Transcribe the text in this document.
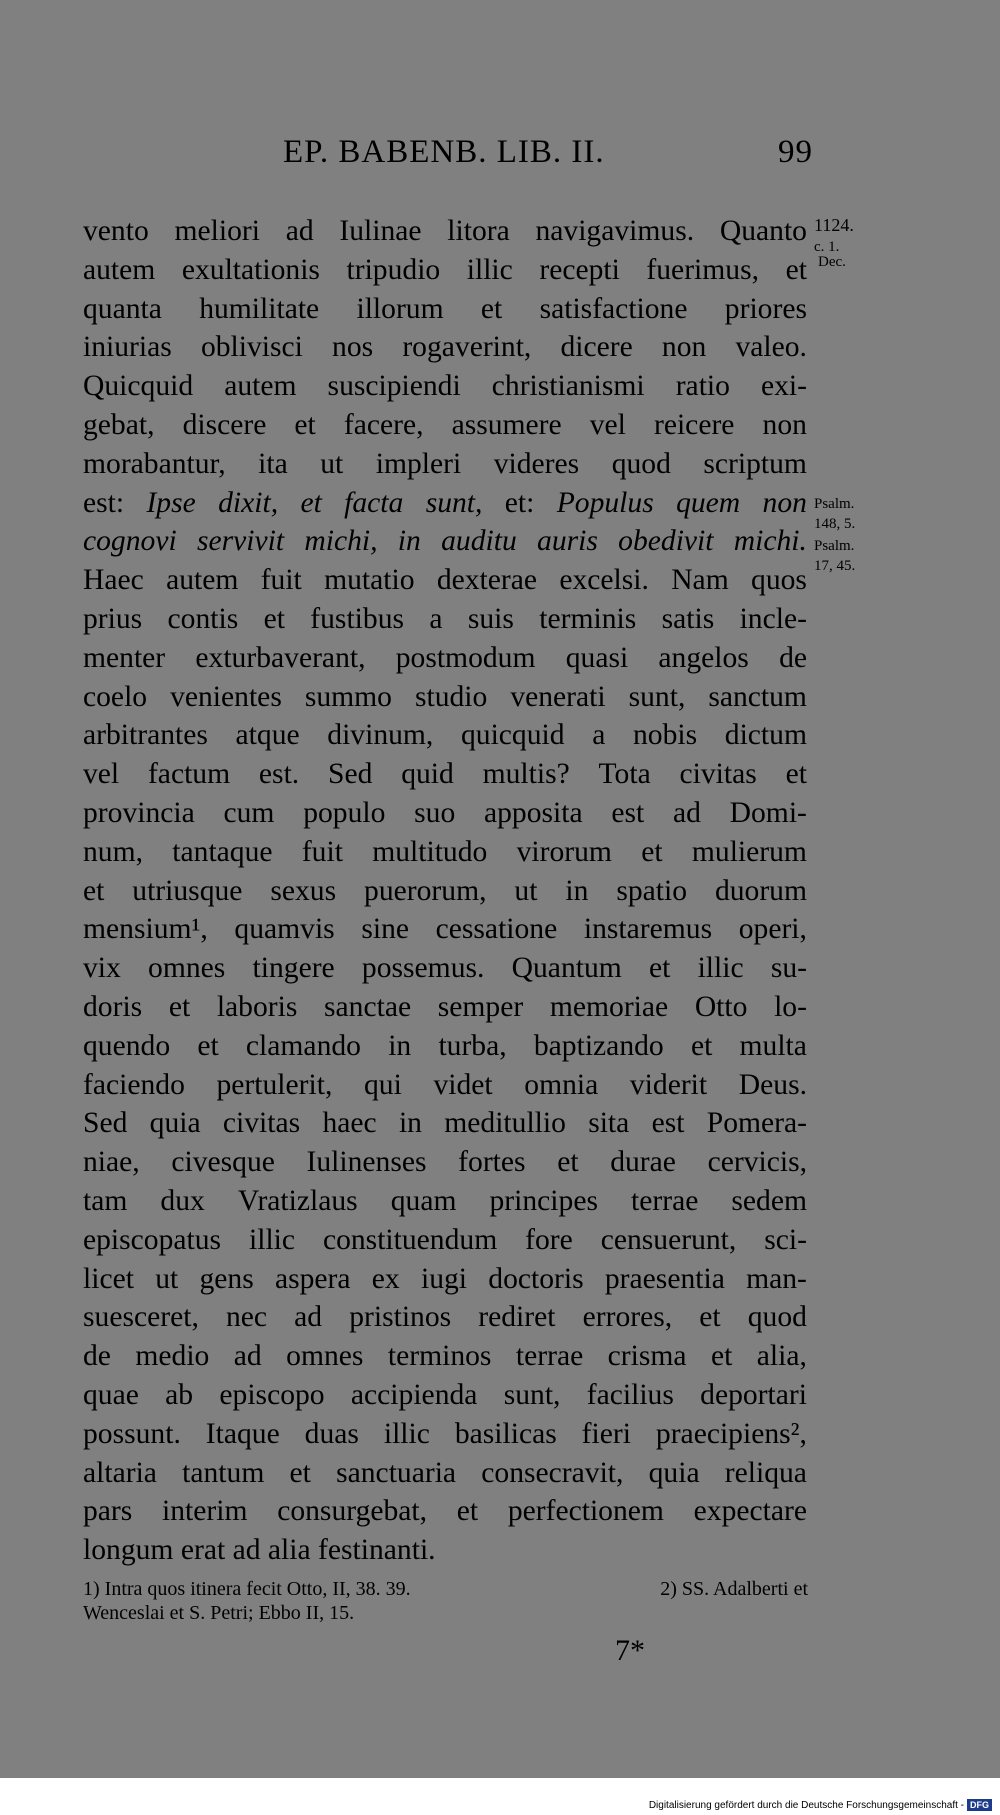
EP. BABENB. LIB. II.	99
vento meliori ad Iulinae litora navigavimus. Quanto
autem exultationis tripudio illic recepti fuerimus, et
quanta humilitate illorum et satisfactione priores
iniurias oblivisci nos rogaverint, dicere non valeo.
Quicquid autem suscipiendi christianismi ratio exi-
gebat, discere et facere, assumere vel reicere non
morabantur, ita ut impleri videres quod scriptum
est: Ipse dixit, et facta sunt, et: Populus quem non
cognovi servivit michi, in auditu auris obedivit michi.
Haec autem fuit mutatio dexterae excelsi. Nam quos
prius contis et fustibus a suis terminis satis incle-
menter exturbaverant, postmodum quasi angelos de
coelo venientes summo studio venerati sunt, sanctum
arbitrantes atque divinum, quicquid a nobis dictum
vel factum est. Sed quid multis? Tota civitas et
provincia cum populo suo apposita est ad Domi-
num, tantaque fuit multitudo virorum et mulierum
et utriusque sexus puerorum, ut in spatio duorum
mensium¹, quamvis sine cessatione instaremus operi,
vix omnes tingere possemus. Quantum et illic su-
doris et laboris sanctae semper memoriae Otto lo-
quendo et clamando in turba, baptizando et multa
faciendo pertulerit, qui videt omnia viderit Deus.
Sed quia civitas haec in meditullio sita est Pomera-
niae, civesque Iulinenses fortes et durae cervicis,
tam dux Vratizlaus quam principes terrae sedem
episcopatus illic constituendum fore censuerunt, sci-
licet ut gens aspera ex iugi doctoris praesentia man-
suesceret, nec ad pristinos rediret errores, et quod
de medio ad omnes terminos terrae crisma et alia,
quae ab episcopo accipienda sunt, facilius deportari
possunt. Itaque duas illic basilicas fieri praecipiens²,
altaria tantum et sanctuaria consecravit, quia reliqua
pars interim consurgebat, et perfectionem expectare
longum erat ad alia festinanti.
1124.
c. 1.
Dec.
Psalm.
148, 5.
Psalm.
17, 45.
1) Intra quos itinera fecit Otto, II, 38. 39.	2) SS. Adalberti et
Wenceslai et S. Petri; Ebbo II, 15.
7*
Digitalisierung gefördert durch die Deutsche Forschungsgemeinschaft - DFG
